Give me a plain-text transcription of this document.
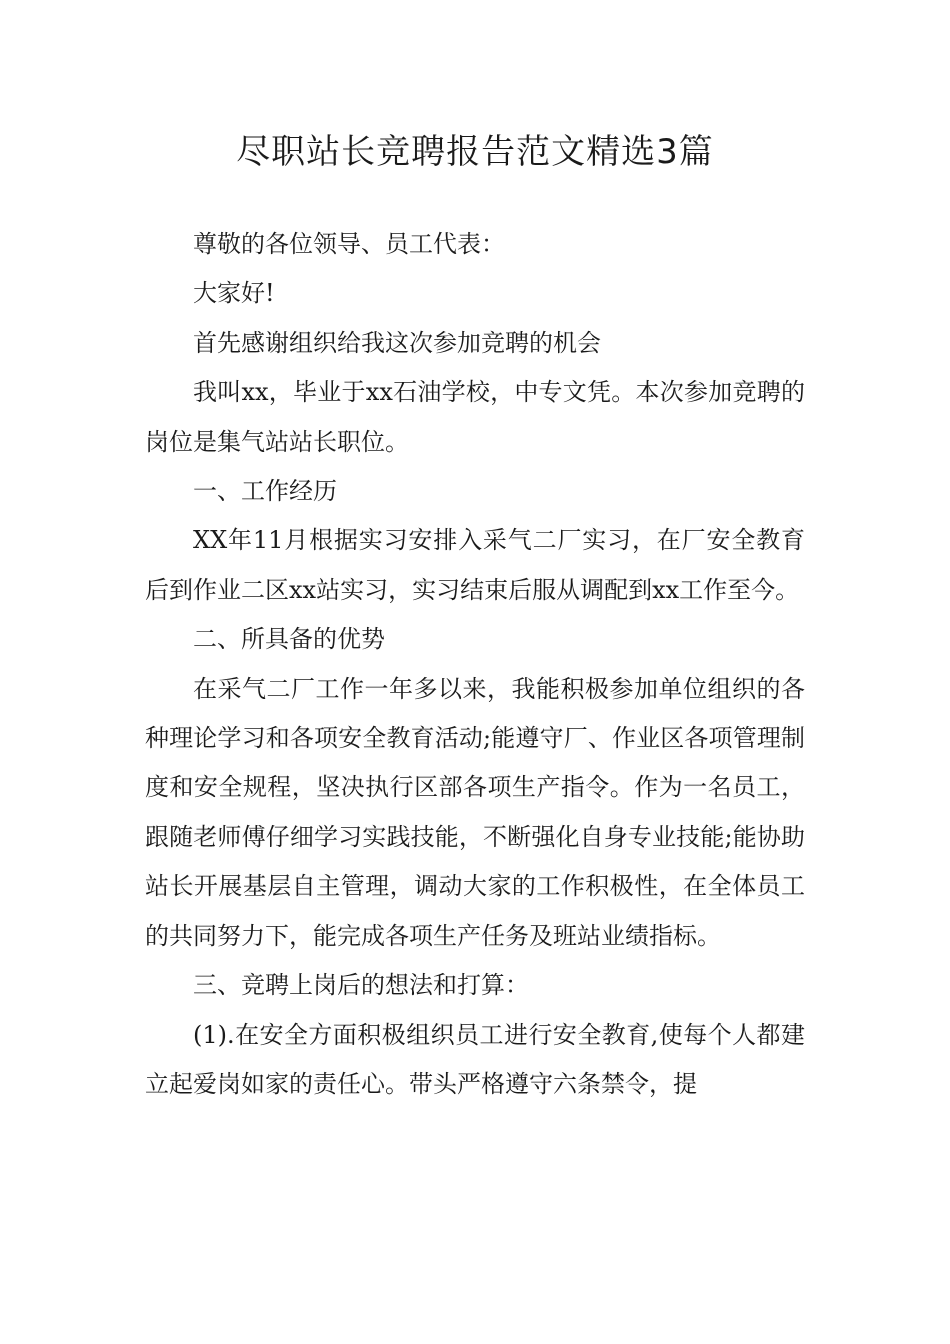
尽职站长竞聘报告范文精选3篇

尊敬的各位领导、员工代表：

大家好!

首先感谢组织给我这次参加竞聘的机会

我叫xx，毕业于xx石油学校，中专文凭。本次参加竞聘的岗位是集气站站长职位。

一、工作经历

XX年11月根据实习安排入采气二厂实习，在厂安全教育后到作业二区xx站实习，实习结束后服从调配到xx工作至今。

二、所具备的优势

在采气二厂工作一年多以来，我能积极参加单位组织的各种理论学习和各项安全教育活动;能遵守厂、作业区各项管理制度和安全规程，坚决执行区部各项生产指令。作为一名员工，跟随老师傅仔细学习实践技能，不断强化自身专业技能;能协助站长开展基层自主管理，调动大家的工作积极性，在全体员工的共同努力下，能完成各项生产任务及班站业绩指标。

三、竞聘上岗后的想法和打算：

(1).在安全方面积极组织员工进行安全教育,使每个人都建立起爱岗如家的责任心。带头严格遵守六条禁令，提
